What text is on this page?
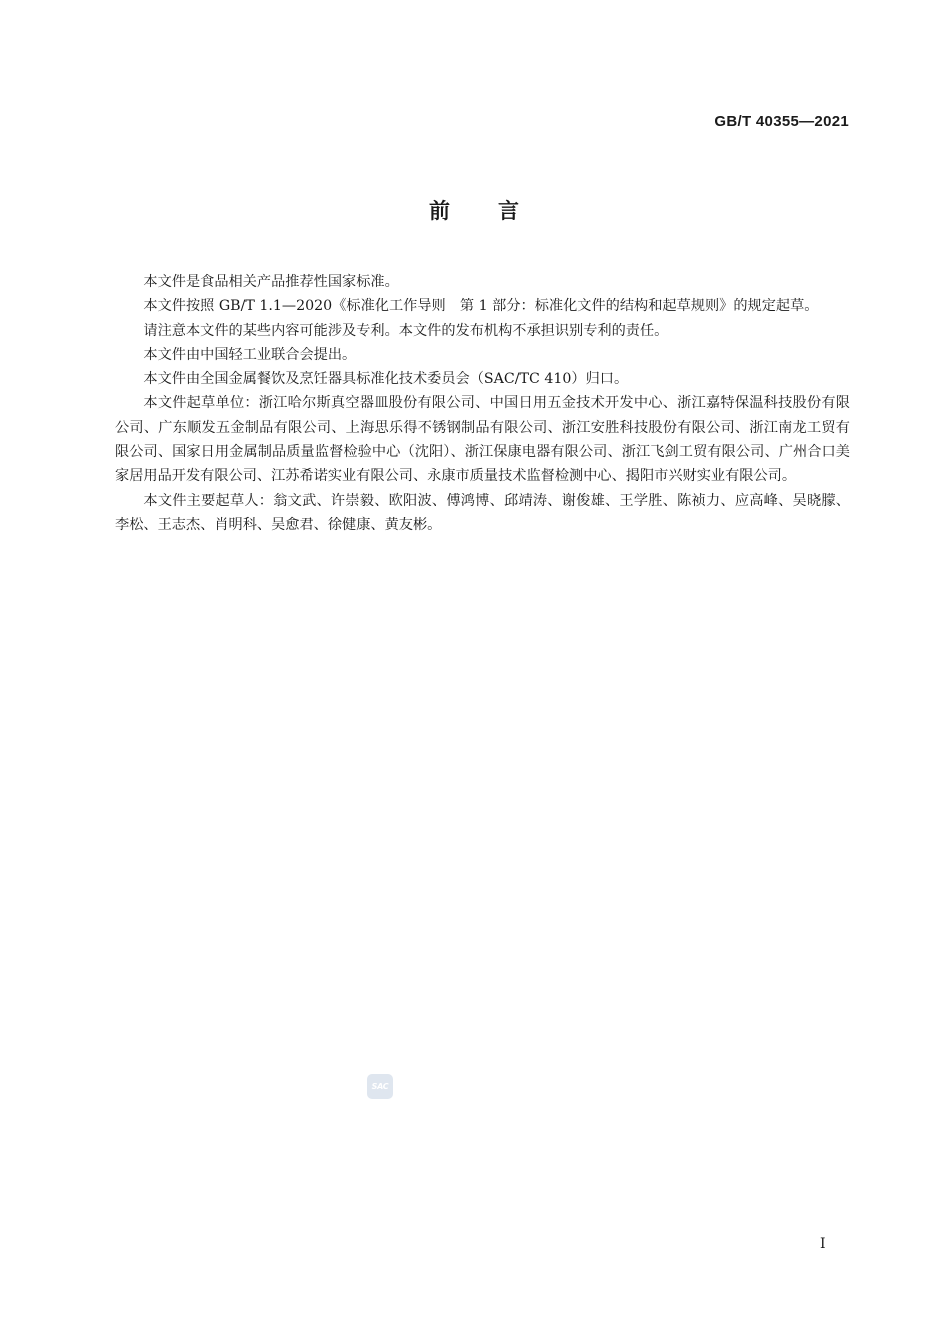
GB/T 40355—2021
前　　言

本文件是食品相关产品推荐性国家标准。

本文件按照 GB/T 1.1—2020《标准化工作导则　第 1 部分：标准化文件的结构和起草规则》的规定起草。

请注意本文件的某些内容可能涉及专利。本文件的发布机构不承担识别专利的责任。

本文件由中国轻工业联合会提出。

本文件由全国金属餐饮及烹饪器具标准化技术委员会（SAC/TC 410）归口。

本文件起草单位：浙江哈尔斯真空器皿股份有限公司、中国日用五金技术开发中心、浙江嘉特保温科技股份有限公司、广东顺发五金制品有限公司、上海思乐得不锈钢制品有限公司、浙江安胜科技股份有限公司、浙江南龙工贸有限公司、国家日用金属制品质量监督检验中心（沈阳）、浙江保康电器有限公司、浙江飞剑工贸有限公司、广州合口美家居用品开发有限公司、江苏希诺实业有限公司、永康市质量技术监督检测中心、揭阳市兴财实业有限公司。

本文件主要起草人：翁文武、许崇毅、欧阳波、傅鸿博、邱靖涛、谢俊雄、王学胜、陈祯力、应高峰、吴晓朦、李松、王志杰、肖明科、吴愈君、徐健康、黄友彬。

SAC
I
